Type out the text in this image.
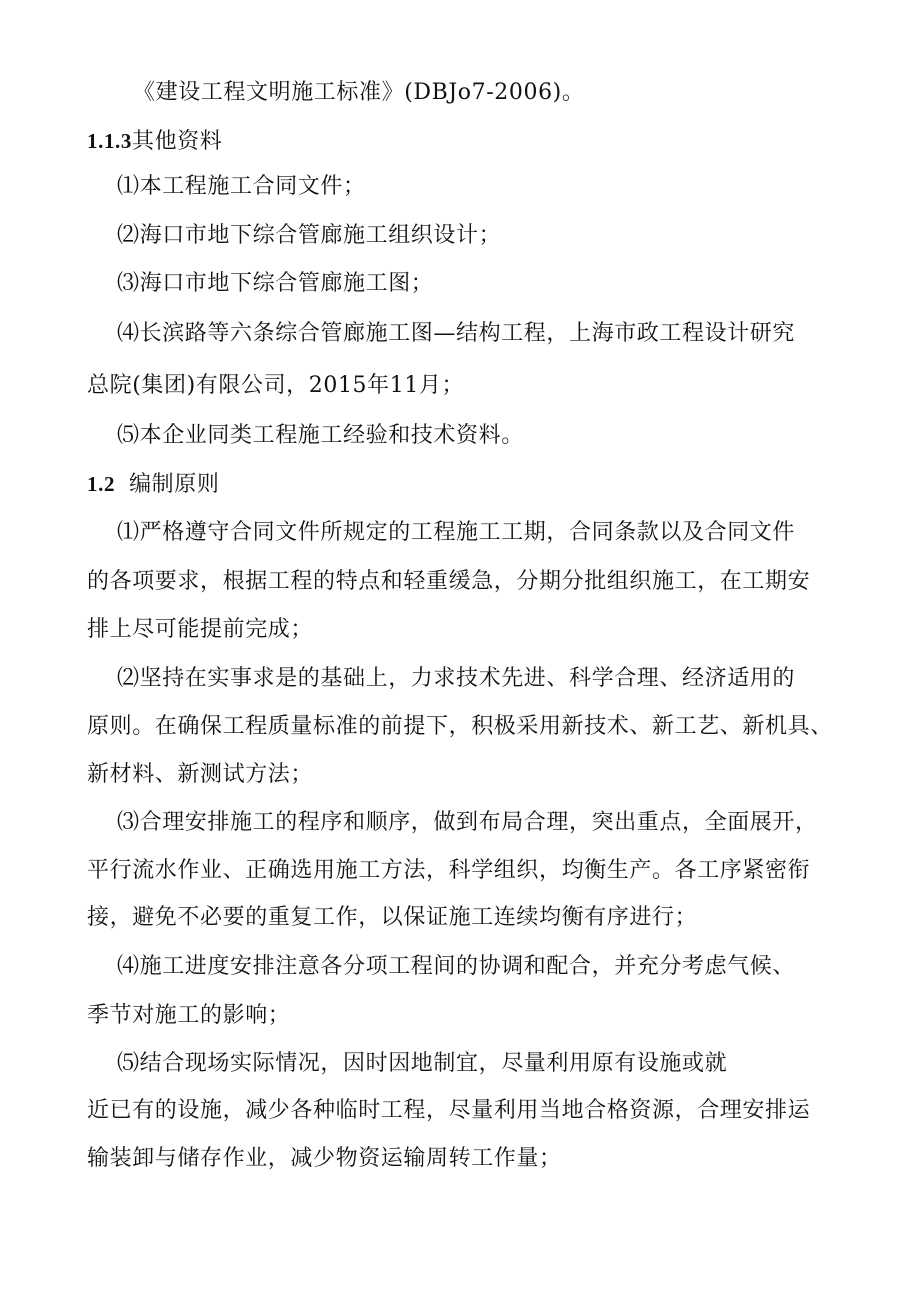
《建设工程文明施工标准》(DBJo7-2006)。
1.1.3其他资料
⑴本工程施工合同文件；
⑵海口市地下综合管廊施工组织设计；
⑶海口市地下综合管廊施工图；
⑷长滨路等六条综合管廊施工图—结构工程，上海市政工程设计研究
总院(集团)有限公司，2015年11月；
⑸本企业同类工程施工经验和技术资料。
1.2 编制原则
⑴严格遵守合同文件所规定的工程施工工期，合同条款以及合同文件
的各项要求，根据工程的特点和轻重缓急，分期分批组织施工，在工期安
排上尽可能提前完成；
⑵坚持在实事求是的基础上，力求技术先进、科学合理、经济适用的
原则。在确保工程质量标准的前提下，积极采用新技术、新工艺、新机具、
新材料、新测试方法；
⑶合理安排施工的程序和顺序，做到布局合理，突出重点，全面展开，
平行流水作业、正确选用施工方法，科学组织，均衡生产。各工序紧密衔
接，避免不必要的重复工作，以保证施工连续均衡有序进行；
⑷施工进度安排注意各分项工程间的协调和配合，并充分考虑气候、
季节对施工的影响；
⑸结合现场实际情况，因时因地制宜，尽量利用原有设施或就
近已有的设施，减少各种临时工程，尽量利用当地合格资源，合理安排运
输装卸与储存作业，减少物资运输周转工作量；
